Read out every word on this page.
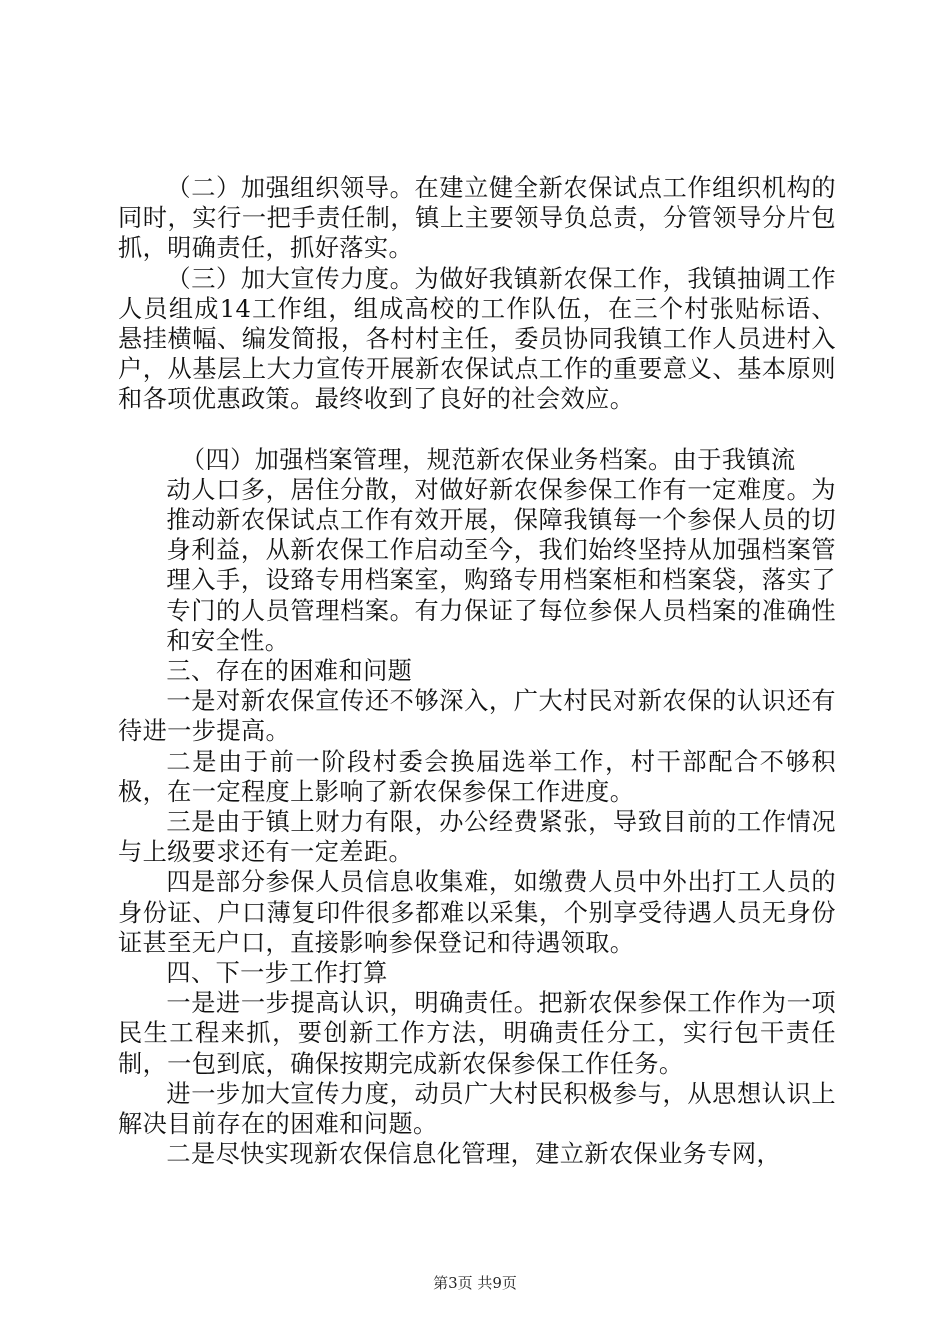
（二）加强组织领导。在建立健全新农保试点工作组织机构的同时，实行一把手责任制，镇上主要领导负总责，分管领导分片包抓，明确责任，抓好落实。

（三）加大宣传力度。为做好我镇新农保工作，我镇抽调工作人员组成14工作组，组成高校的工作队伍，在三个村张贴标语、悬挂横幅、编发简报，各村村主任，委员协同我镇工作人员进村入户，从基层上大力宣传开展新农保试点工作的重要意义、基本原则和各项优惠政策。最终收到了良好的社会效应。

（四）加强档案管理，规范新农保业务档案。由于我镇流

动人口多，居住分散，对做好新农保参保工作有一定难度。为推动新农保试点工作有效开展，保障我镇每一个参保人员的切身利益，从新农保工作启动至今，我们始终坚持从加强档案管理入手，设臵专用档案室，购臵专用档案柜和档案袋，落实了专门的人员管理档案。有力保证了每位参保人员档案的准确性和安全性。

三、存在的困难和问题

一是对新农保宣传还不够深入，广大村民对新农保的认识还有待进一步提高。

二是由于前一阶段村委会换届选举工作，村干部配合不够积极，在一定程度上影响了新农保参保工作进度。

三是由于镇上财力有限，办公经费紧张，导致目前的工作情况与上级要求还有一定差距。

四是部分参保人员信息收集难，如缴费人员中外出打工人员的身份证、户口薄复印件很多都难以采集，个别享受待遇人员无身份证甚至无户口，直接影响参保登记和待遇领取。

四、下一步工作打算

一是进一步提高认识，明确责任。把新农保参保工作作为一项民生工程来抓，要创新工作方法，明确责任分工，实行包干责任制，一包到底，确保按期完成新农保参保工作任务。

进一步加大宣传力度，动员广大村民积极参与，从思想认识上解决目前存在的困难和问题。

二是尽快实现新农保信息化管理，建立新农保业务专网，

第3页 共9页
